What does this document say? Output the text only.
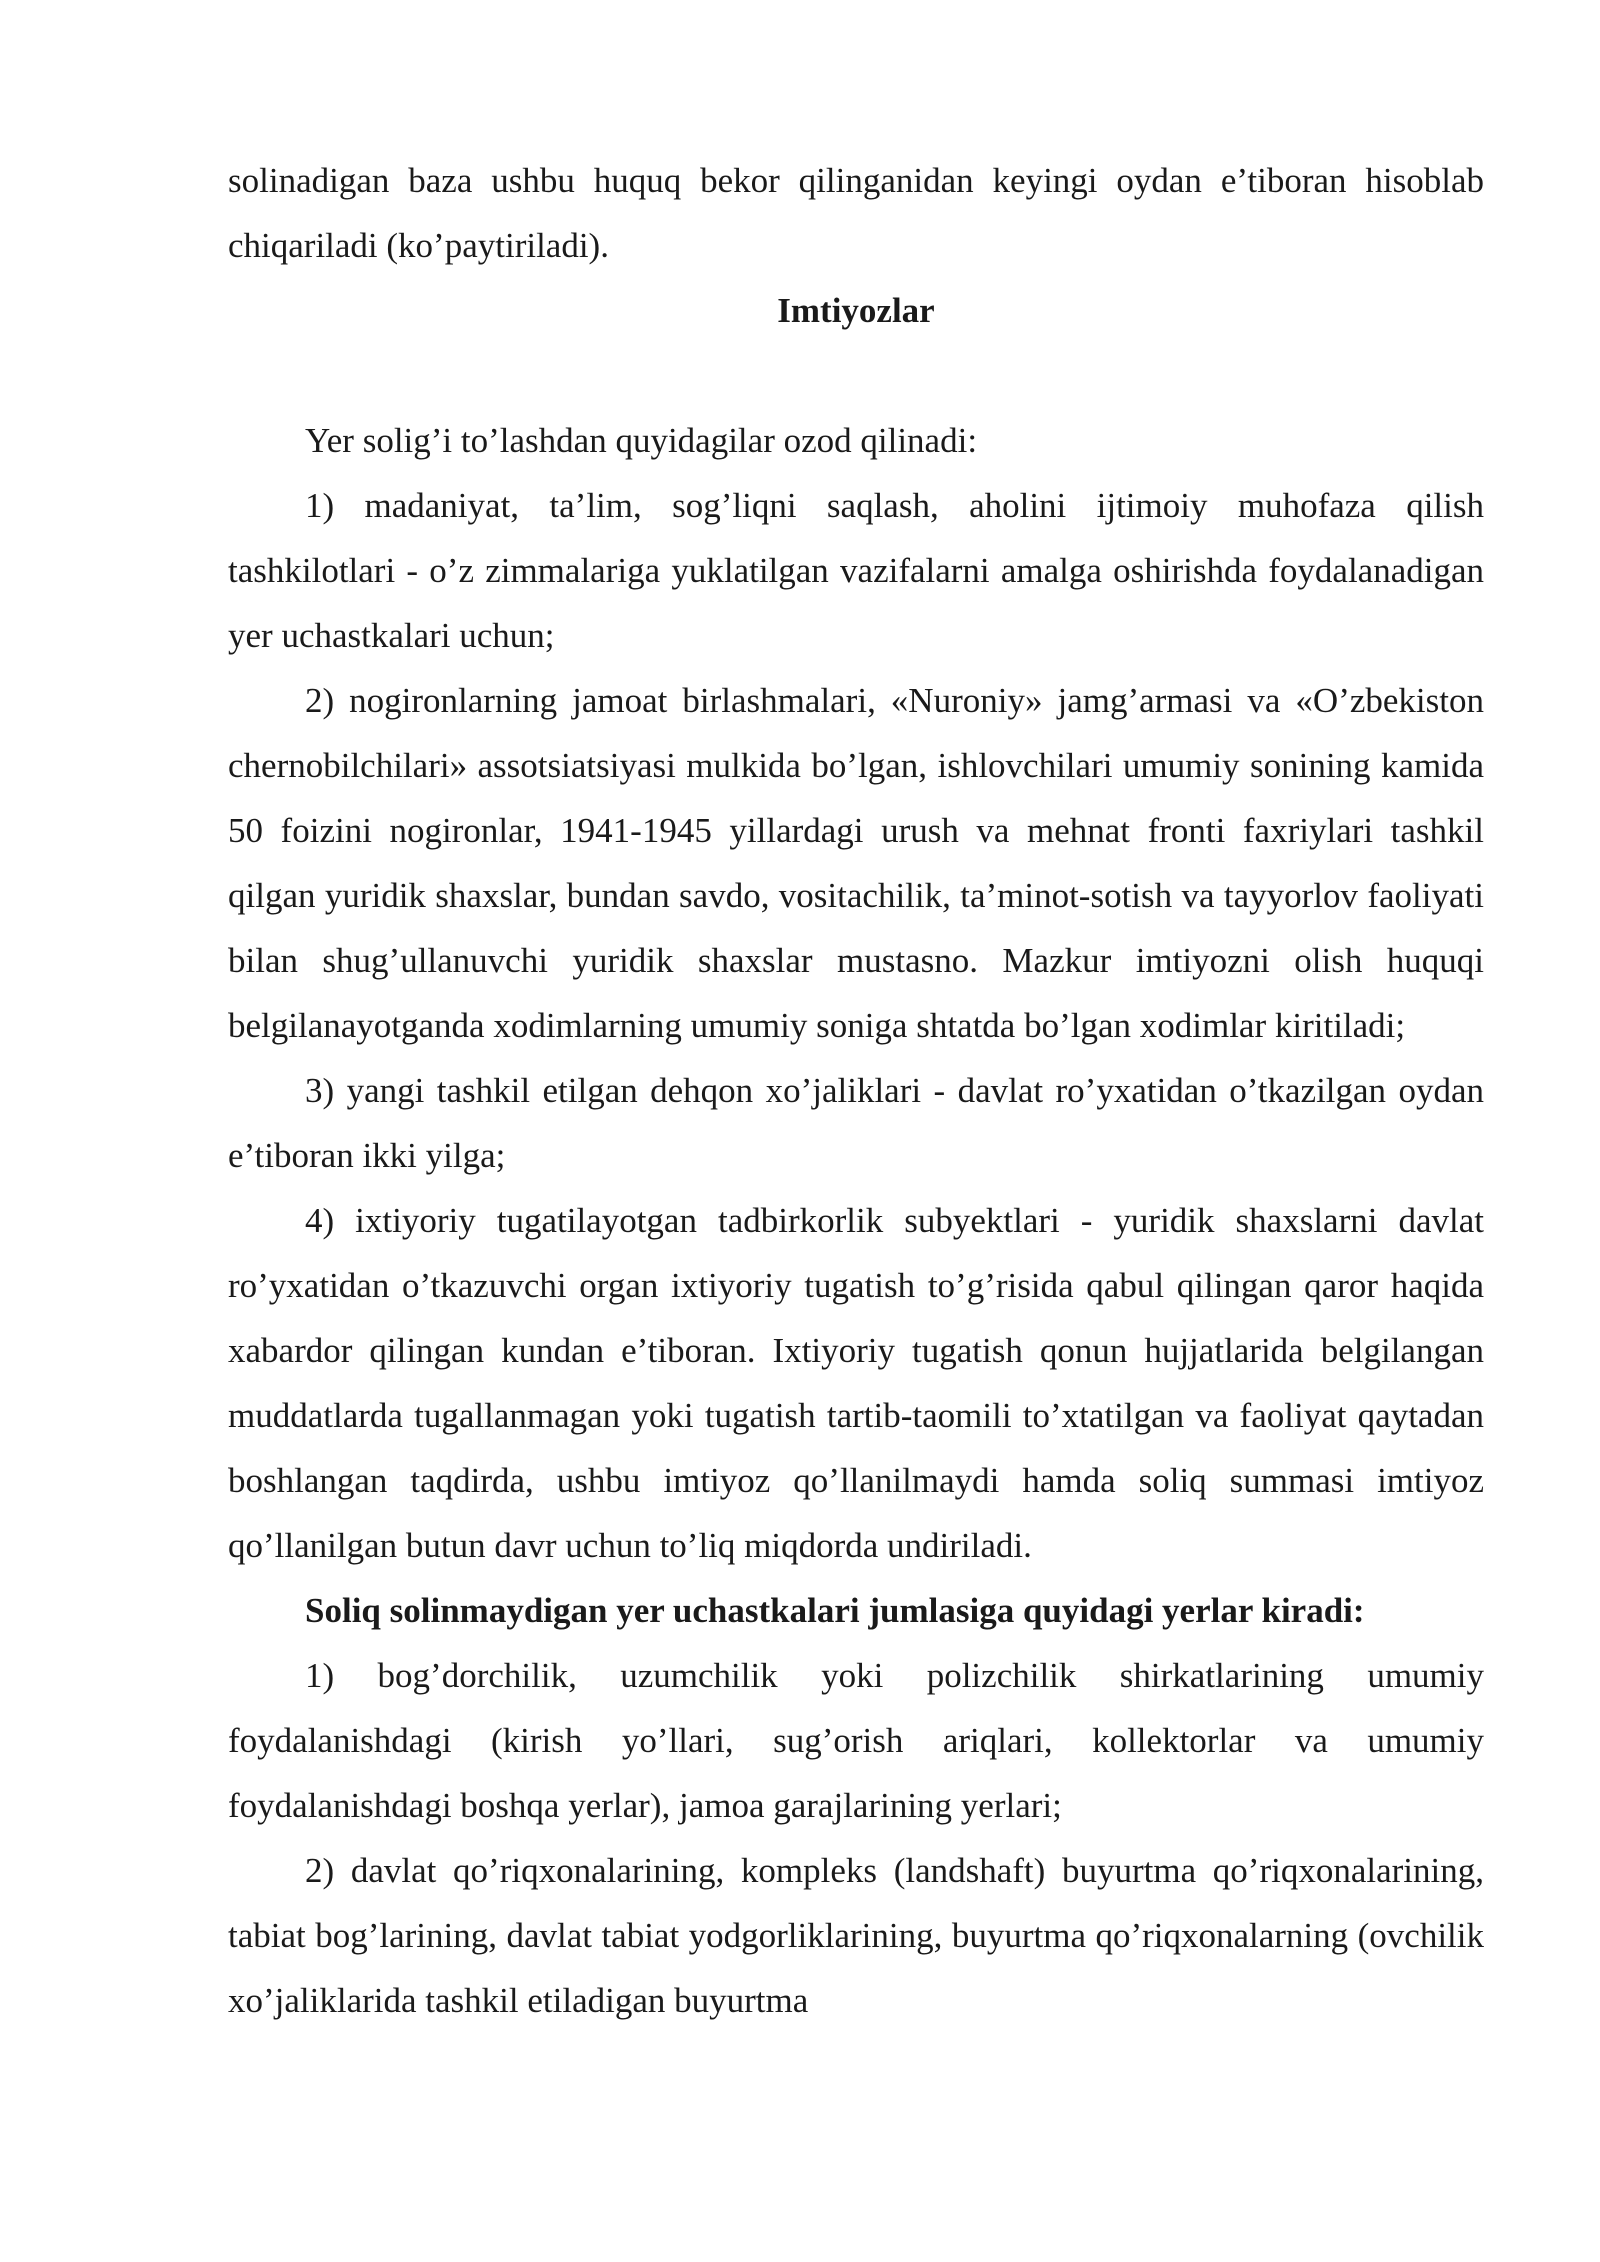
solinadigan baza ushbu huquq bekor qilinganidan keyingi oydan e’tiboran hisoblab chiqariladi (ko’paytiriladi).

Imtiyozlar

Yer solig’i to’lashdan quyidagilar ozod qilinadi:

1) madaniyat, ta’lim, sog’liqni saqlash, aholini ijtimoiy muhofaza qilish tashkilotlari - o’z zimmalariga yuklatilgan vazifalarni amalga oshirishda foydalanadigan yer uchastkalari uchun;

2) nogironlarning jamoat birlashmalari, «Nuroniy» jamg’armasi va «O’zbekiston chernobilchilari» assotsiatsiyasi mulkida bo’lgan, ishlovchilari umumiy sonining kamida 50 foizini nogironlar, 1941-1945 yillardagi urush va mehnat fronti faxriylari tashkil qilgan yuridik shaxslar, bundan savdo, vositachilik, ta’minot-sotish va tayyorlov faoliyati bilan shug’ullanuvchi yuridik shaxslar mustasno. Mazkur imtiyozni olish huquqi belgilanayotganda xodimlarning umumiy soniga shtatda bo’lgan xodimlar kiritiladi;

3) yangi tashkil etilgan dehqon xo’jaliklari - davlat ro’yxatidan o’tkazilgan oydan e’tiboran ikki yilga;

4) ixtiyoriy tugatilayotgan tadbirkorlik subyektlari - yuridik shaxslarni davlat ro’yxatidan o’tkazuvchi organ ixtiyoriy tugatish to’g’risida qabul qilingan qaror haqida xabardor qilingan kundan e’tiboran. Ixtiyoriy tugatish qonun hujjatlarida belgilangan muddatlarda tugallanmagan yoki tugatish tartib-taomili to’xtatilgan va faoliyat qaytadan boshlangan taqdirda, ushbu imtiyoz qo’llanilmaydi hamda soliq summasi imtiyoz qo’llanilgan butun davr uchun to’liq miqdorda undiriladi.

Soliq solinmaydigan yer uchastkalari jumlasiga quyidagi yerlar kiradi:

1) bog’dorchilik, uzumchilik yoki polizchilik shirkatlarining umumiy foydalanishdagi (kirish yo’llari, sug’orish ariqlari, kollektorlar va umumiy foydalanishdagi boshqa yerlar), jamoa garajlarining yerlari;

2) davlat qo’riqxonalarining, kompleks (landshaft) buyurtma qo’riqxonalarining, tabiat bog’larining, davlat tabiat yodgorliklarining, buyurtma qo’riqxonalarning (ovchilik xo’jaliklarida tashkil etiladigan buyurtma
